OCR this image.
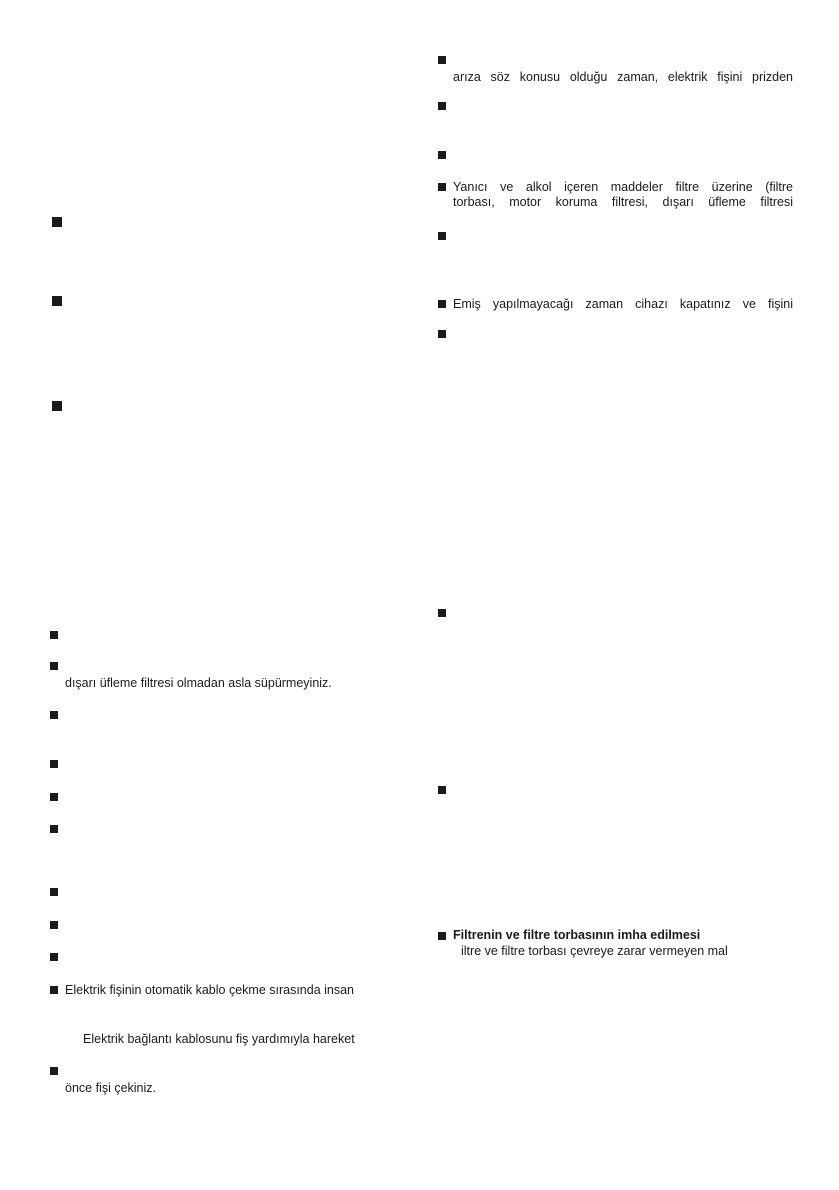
dışarı üfleme filtresi olmadan asla süpürmeyiniz.
Elektrik fişinin otomatik kablo çekme sırasında insan
Elektrik bağlantı kablosunu fiş yardımıyla hareket
önce fişi çekiniz.
arıza söz konusu olduğu zaman, elektrik fişini prizden
Yanıcı ve alkol içeren maddeler filtre üzerine (filtre
torbası, motor koruma filtresi, dışarı üfleme filtresi
Emiş yapılmayacağı zaman cihazı kapatınız ve fişini
Filtrenin ve filtre torbasının imha edilmesi
iltre ve filtre torbası çevreye zarar vermeyen mal
